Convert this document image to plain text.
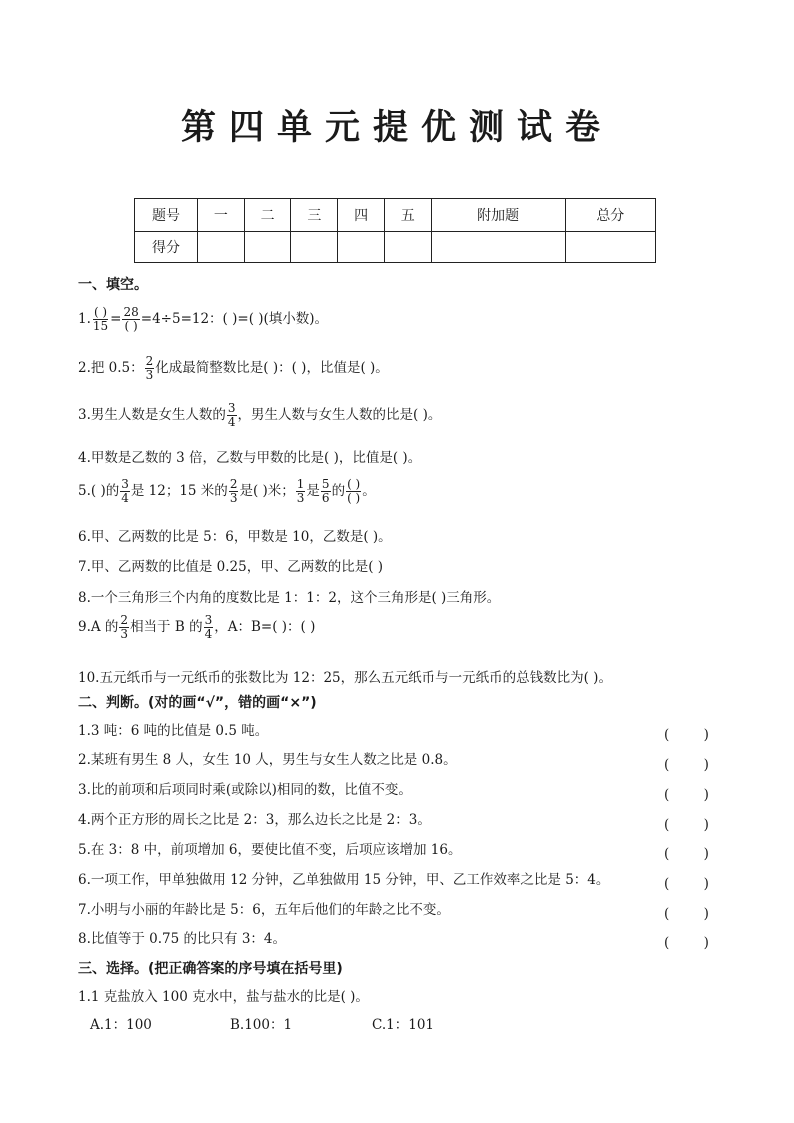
第四单元提优测试卷
题号	一	二	三	四	五	附加题	总分
得分							
一、填空。
1. ( )
15 = 28
( ) =4÷5=12：( )=( )(填小数)。
2.把 0.5： $\frac{2}{3}$ 化成最简整数比是( )：( )，比值是( )。
3.男生人数是女生人数的 $\frac{3}{4}$ ，男生人数与女生人数的比是( )。
4.甲数是乙数的 3 倍，乙数与甲数的比是( )，比值是( )。
5.( )的 $\frac{3}{4}$ 是 12；15 米的 $\frac{2}{3}$ 是( )米； $\frac{1}{3}$ 是 $\frac{5}{6}$ 的 ( )
( ) 。
6.甲、乙两数的比是 5：6，甲数是 10，乙数是( )。
7.甲、乙两数的比值是 0.25，甲、乙两数的比是( )
8.一个三角形三个内角的度数比是 1：1：2，这个三角形是( )三角形。
9.A 的 $\frac{2}{3}$ 相当于 B 的 $\frac{3}{4}$ ，A：B=( )：( )
10.五元纸币与一元纸币的张数比为 12：25，那么五元纸币与一元纸币的总钱数比为( )。
二、判断。(对的画“√”，错的画“×”)
1.3 吨：6 吨的比值是 0.5 吨。
2.某班有男生 8 人，女生 10 人，男生与女生人数之比是 0.8。
3.比的前项和后项同时乘(或除以)相同的数，比值不变。
4.两个正方形的周长之比是 2：3，那么边长之比是 2：3。
5.在 3：8 中，前项增加 6，要使比值不变，后项应该增加 16。
6.一项工作，甲单独做用 12 分钟，乙单独做用 15 分钟，甲、乙工作效率之比是 5：4。
7.小明与小丽的年龄比是 5：6，五年后他们的年龄之比不变。
8.比值等于 0.75 的比只有 3：4。
(        )
(        )
(        )
(        )
(        )
(        )
(        )
(        )
三、选择。(把正确答案的序号填在括号里)
1.1 克盐放入 100 克水中，盐与盐水的比是( )。
A.1：100	B.100：1	C.1：101
